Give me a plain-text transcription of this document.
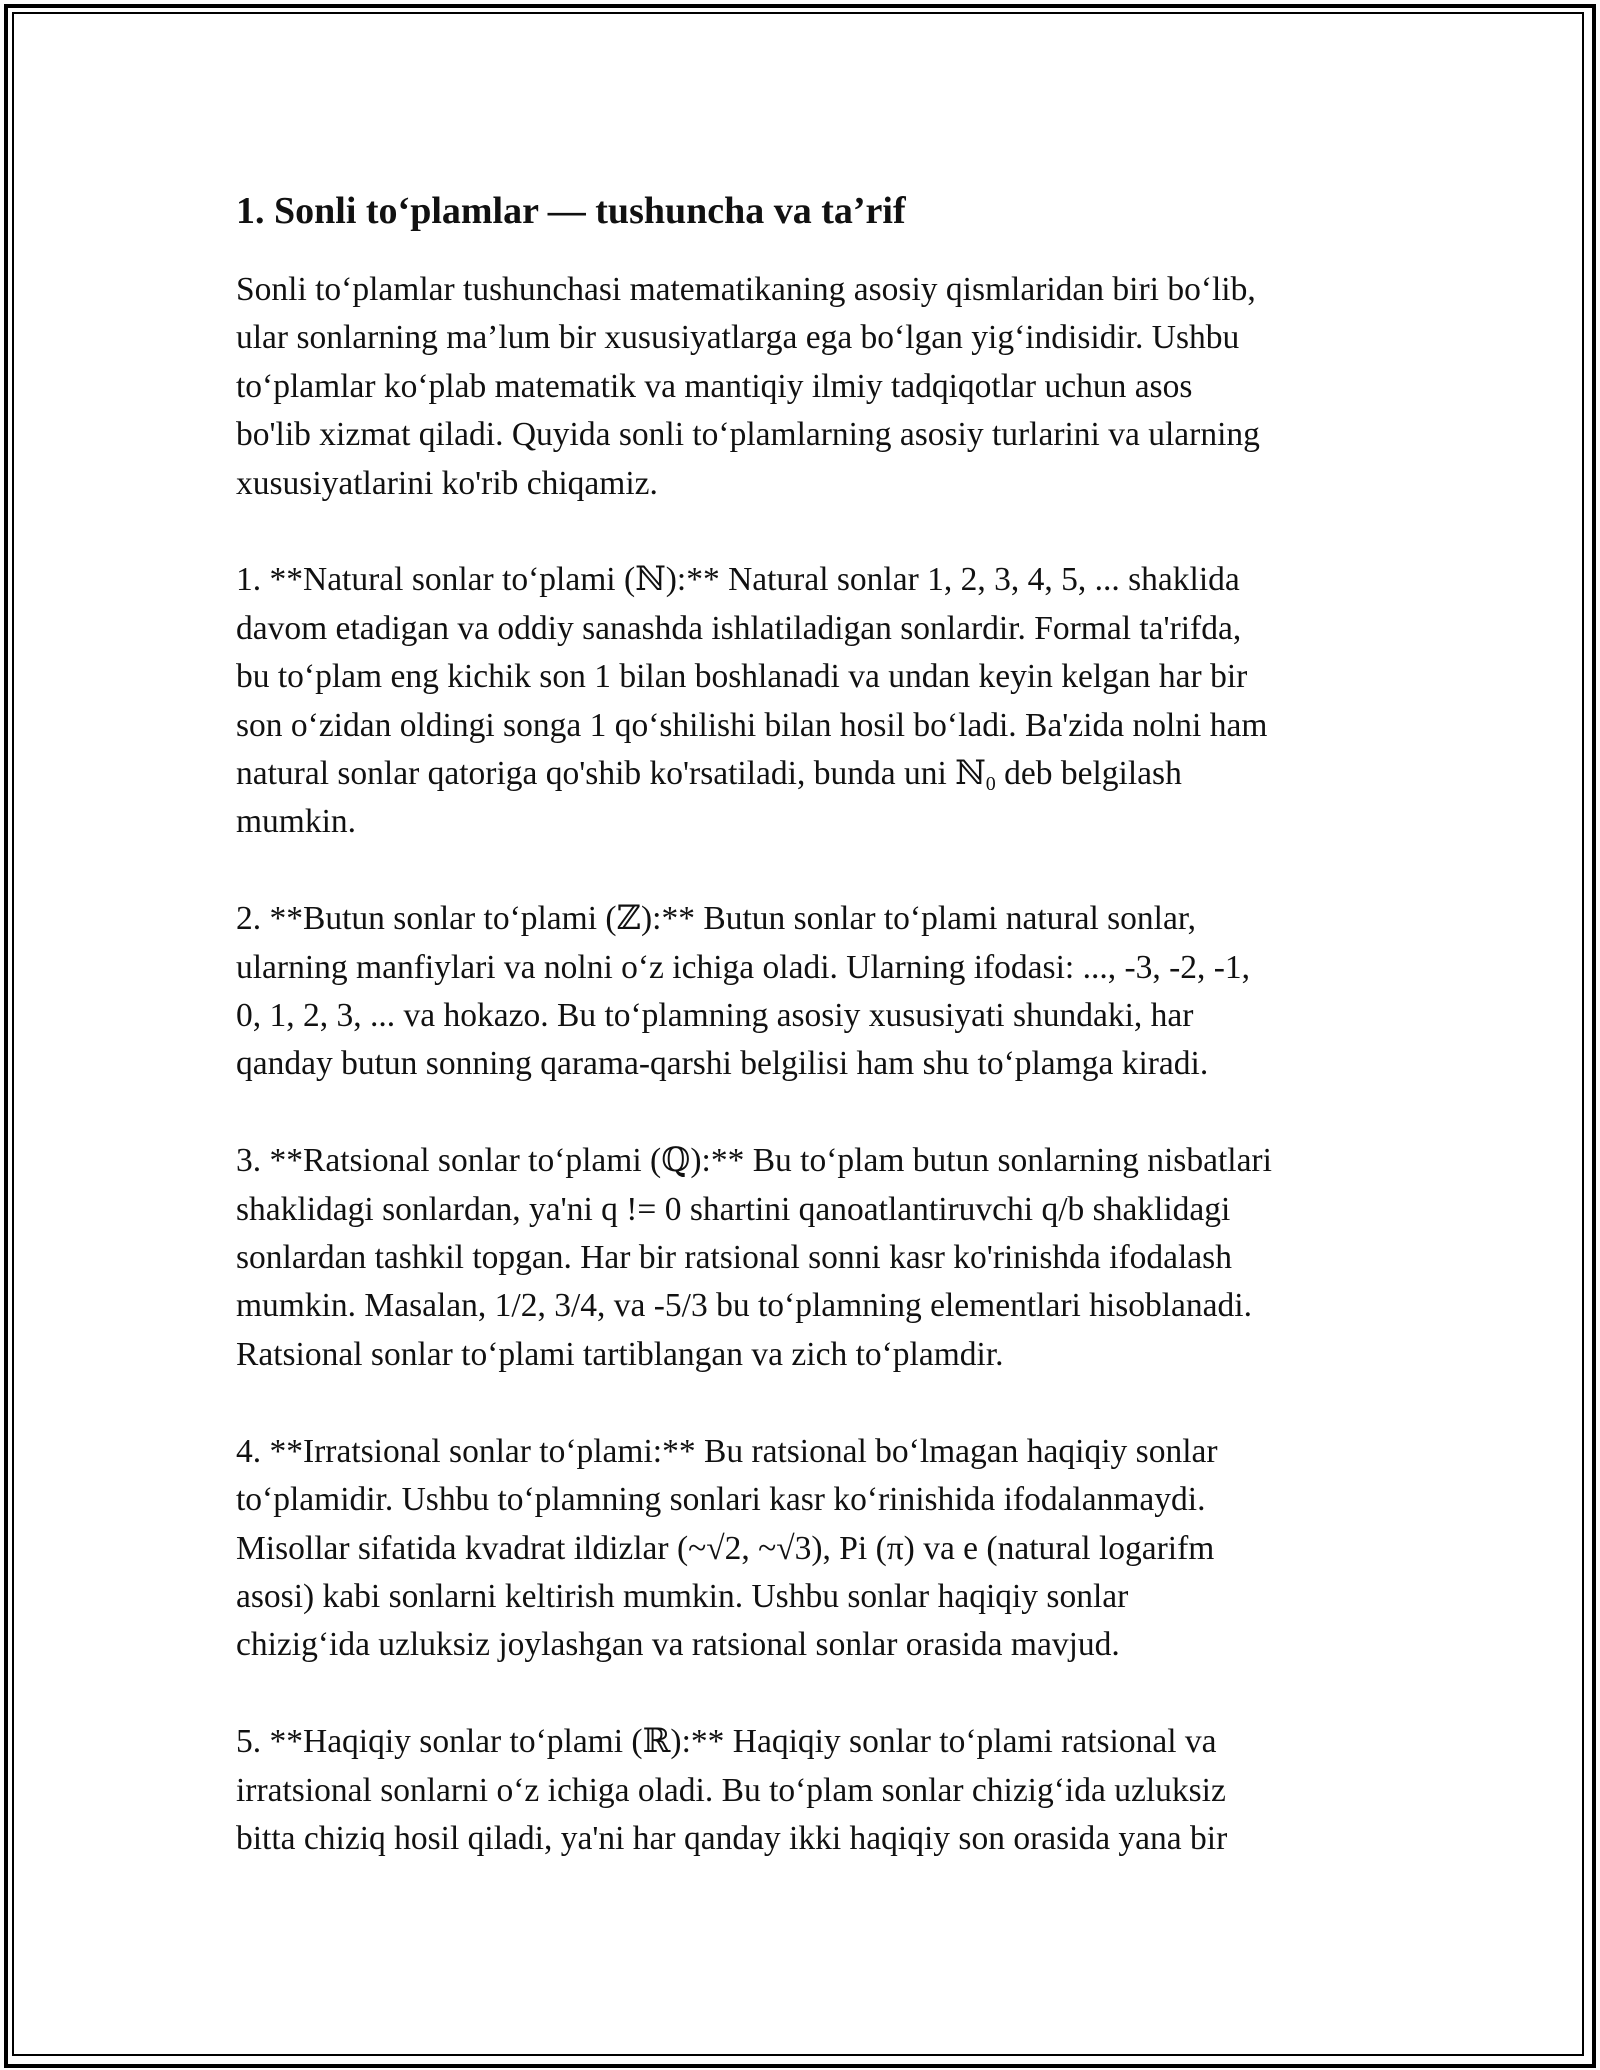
1. Sonli to‘plamlar — tushuncha va ta’rif

Sonli to‘plamlar tushunchasi matematikaning asosiy qismlaridan biri bo‘lib,
ular sonlarning ma’lum bir xususiyatlarga ega bo‘lgan yig‘indisidir. Ushbu
to‘plamlar ko‘plab matematik va mantiqiy ilmiy tadqiqotlar uchun asos
bo'lib xizmat qiladi. Quyida sonli to‘plamlarning asosiy turlarini va ularning
xususiyatlarini ko'rib chiqamiz.

1. **Natural sonlar to‘plami (ℕ):** Natural sonlar 1, 2, 3, 4, 5, ... shaklida
davom etadigan va oddiy sanashda ishlatiladigan sonlardir. Formal ta'rifda,
bu to‘plam eng kichik son 1 bilan boshlanadi va undan keyin kelgan har bir
son o‘zidan oldingi songa 1 qo‘shilishi bilan hosil bo‘ladi. Ba'zida nolni ham
natural sonlar qatoriga qo'shib ko'rsatiladi, bunda uni ℕ$_0$ deb belgilash
mumkin.

2. **Butun sonlar to‘plami (ℤ):** Butun sonlar to‘plami natural sonlar,
ularning manfiylari va nolni o‘z ichiga oladi. Ularning ifodasi: ..., -3, -2, -1,
0, 1, 2, 3, ... va hokazo. Bu to‘plamning asosiy xususiyati shundaki, har
qanday butun sonning qarama-qarshi belgilisi ham shu to‘plamga kiradi.

3. **Ratsional sonlar to‘plami (ℚ):** Bu to‘plam butun sonlarning nisbatlari
shaklidagi sonlardan, ya'ni q != 0 shartini qanoatlantiruvchi q/b shaklidagi
sonlardan tashkil topgan. Har bir ratsional sonni kasr ko'rinishda ifodalash
mumkin. Masalan, 1/2, 3/4, va -5/3 bu to‘plamning elementlari hisoblanadi.
Ratsional sonlar to‘plami tartiblangan va zich to‘plamdir.

4. **Irratsional sonlar to‘plami:** Bu ratsional bo‘lmagan haqiqiy sonlar
to‘plamidir. Ushbu to‘plamning sonlari kasr ko‘rinishida ifodalanmaydi.
Misollar sifatida kvadrat ildizlar (~√2, ~√3), Pi (π) va e (natural logarifm
asosi) kabi sonlarni keltirish mumkin. Ushbu sonlar haqiqiy sonlar
chizig‘ida uzluksiz joylashgan va ratsional sonlar orasida mavjud.

5. **Haqiqiy sonlar to‘plami (ℝ):** Haqiqiy sonlar to‘plami ratsional va
irratsional sonlarni o‘z ichiga oladi. Bu to‘plam sonlar chizig‘ida uzluksiz
bitta chiziq hosil qiladi, ya'ni har qanday ikki haqiqiy son orasida yana bir
